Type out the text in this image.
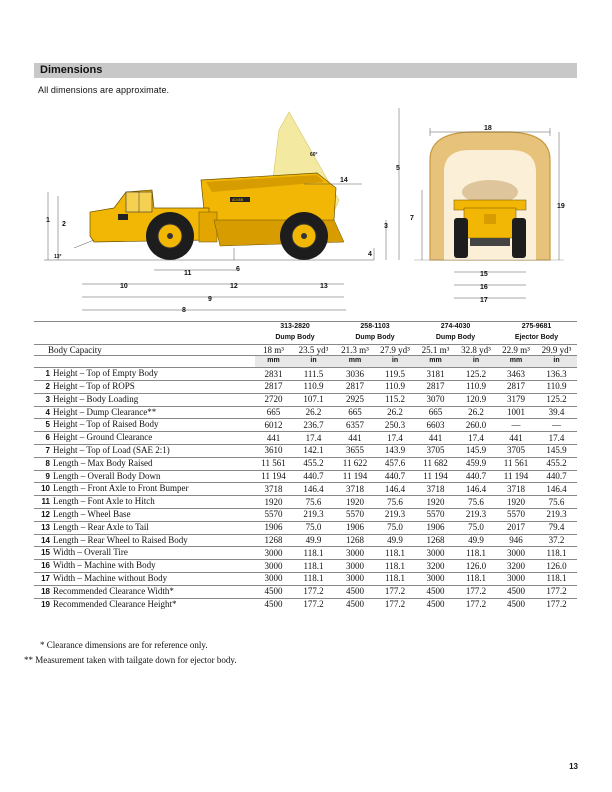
Dimensions
All dimensions are approximate.
AD45B
1
2	3
4
5
6
8
9
10
11
12	13
14
60°
13°
7
15
16
17
18
19
	313-2820		258-1103		274-4030		275-9681	
	Dump Body		Dump Body		Dump Body		Ejector Body	
Body Capacity	18 m³	23.5 yd³	21.3 m³	27.9 yd³	25.1 m³	32.8 yd³	22.9 m³	29.9 yd³
	mm	in	mm	in	mm	in	mm	in
1 Height – Top of Empty Body	2831	111.5	3036	119.5	3181	125.2	3463	136.3
2 Height – Top of ROPS	2817	110.9	2817	110.9	2817	110.9	2817	110.9
3 Height – Body Loading	2720	107.1	2925	115.2	3070	120.9	3179	125.2
4 Height – Dump Clearance**	665	26.2	665	26.2	665	26.2	1001	39.4
5 Height – Top of Raised Body	6012	236.7	6357	250.3	6603	260.0	—	—
6 Height – Ground Clearance	441	17.4	441	17.4	441	17.4	441	17.4
7 Height – Top of Load (SAE 2:1)	3610	142.1	3655	143.9	3705	145.9	3705	145.9
8 Length – Max Body Raised	11 561	455.2	11 622	457.6	11 682	459.9	11 561	455.2
9 Length – Overall Body Down	11 194	440.7	11 194	440.7	11 194	440.7	11 194	440.7
10 Length – Front Axle to Front Bumper	3718	146.4	3718	146.4	3718	146.4	3718	146.4
11 Length – Font Axle to Hitch	1920	75.6	1920	75.6	1920	75.6	1920	75.6
12 Length – Wheel Base	5570	219.3	5570	219.3	5570	219.3	5570	219.3
13 Length – Rear Axle to Tail	1906	75.0	1906	75.0	1906	75.0	2017	79.4
14 Length – Rear Wheel to Raised Body	1268	49.9	1268	49.9	1268	49.9	946	37.2
15 Width – Overall Tire	3000	118.1	3000	118.1	3000	118.1	3000	118.1
16 Width – Machine with Body	3000	118.1	3000	118.1	3200	126.0	3200	126.0
17 Width – Machine without Body	3000	118.1	3000	118.1	3000	118.1	3000	118.1
18 Recommended Clearance Width*	4500	177.2	4500	177.2	4500	177.2	4500	177.2
19 Recommended Clearance Height*	4500	177.2	4500	177.2	4500	177.2	4500	177.2
* Clearance dimensions are for reference only.
** Measurement taken with tailgate down for ejector body.
13
